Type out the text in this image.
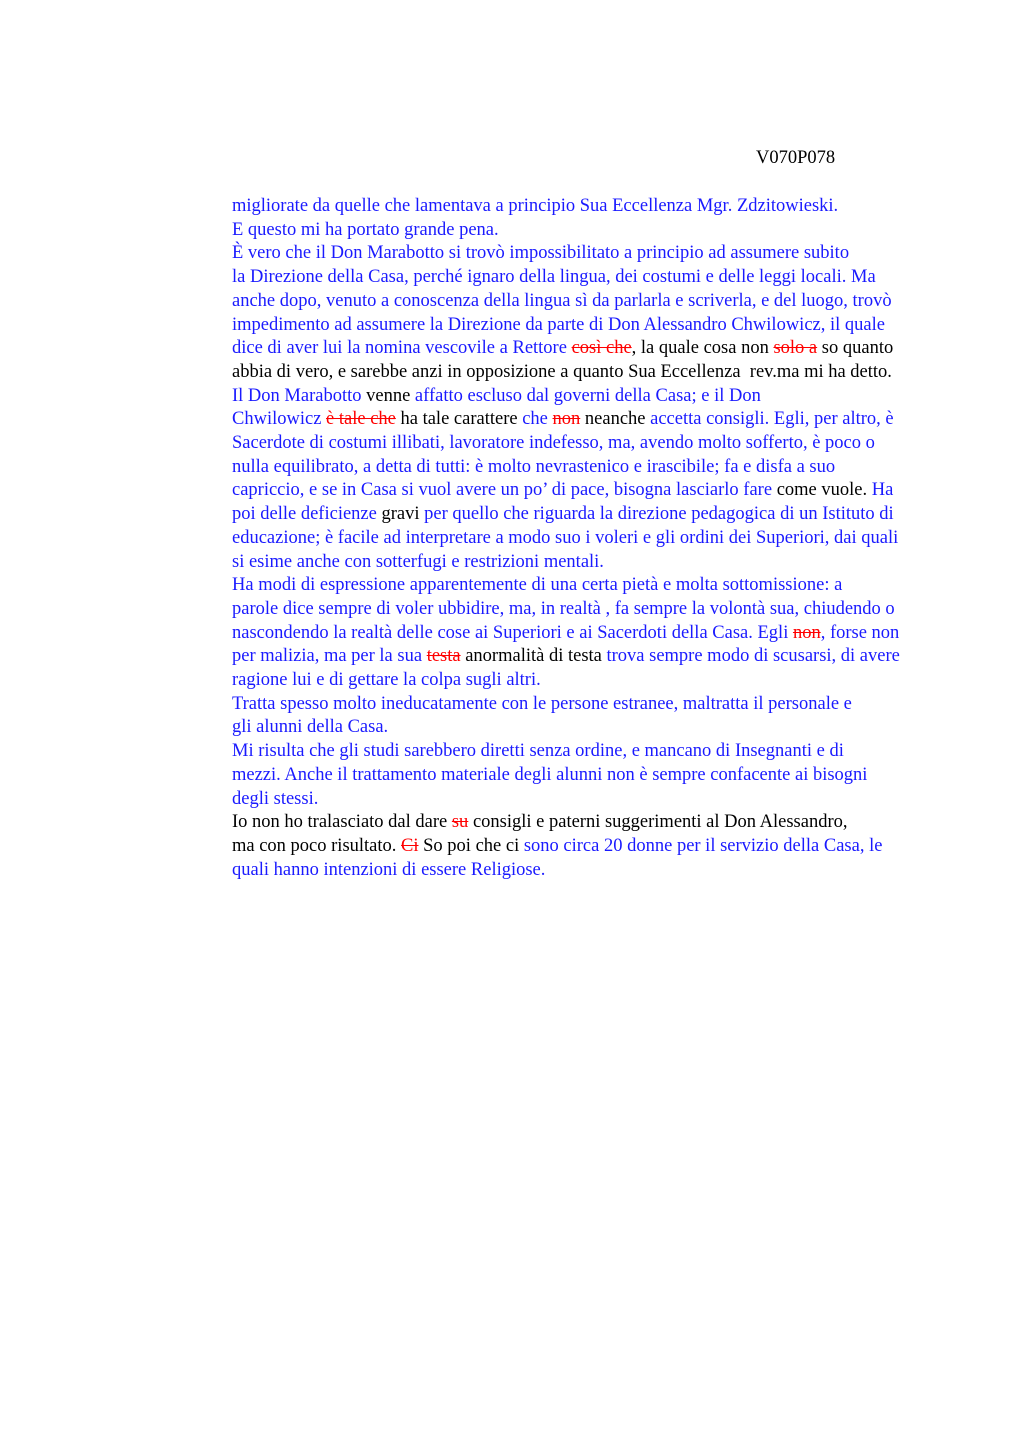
V070P078

migliorate da quelle che lamentava a principio Sua Eccellenza Mgr. Zdzitowieski.
E questo mi ha portato grande pena.

È vero che il Don Marabotto si trovò impossibilitato a principio ad assumere subito
la Direzione della Casa, perché ignaro della lingua, dei costumi e delle leggi locali. Ma
anche dopo, venuto a conoscenza della lingua sì da parlarla e scriverla, e del luogo, trovò
impedimento ad assumere la Direzione da parte di Don Alessandro Chwilowicz, il quale
dice di aver lui la nomina vescovile a Rettore così che, la quale cosa non solo a so quanto
abbia di vero, e sarebbe anzi in opposizione a quanto Sua Eccellenza  rev.ma mi ha detto.

Il Don Marabotto venne affatto escluso dal governi della Casa; e il Don
Chwilowicz è tale che ha tale carattere che non neanche accetta consigli. Egli, per altro, è
Sacerdote di costumi illibati, lavoratore indefesso, ma, avendo molto sofferto, è poco o
nulla equilibrato, a detta di tutti: è molto nevrastenico e irascibile; fa e disfa a suo
capriccio, e se in Casa si vuol avere un po’ di pace, bisogna lasciarlo fare come vuole. Ha
poi delle deficienze gravi per quello che riguarda la direzione pedagogica di un Istituto di
educazione; è facile ad interpretare a modo suo i voleri e gli ordini dei Superiori, dai quali
si esime anche con sotterfugi e restrizioni mentali.

Ha modi di espressione apparentemente di una certa pietà e molta sottomissione: a
parole dice sempre di voler ubbidire, ma, in realtà , fa sempre la volontà sua, chiudendo o
nascondendo la realtà delle cose ai Superiori e ai Sacerdoti della Casa. Egli non, forse non
per malizia, ma per la sua testa anormalità di testa trova sempre modo di scusarsi, di avere
ragione lui e di gettare la colpa sugli altri.

Tratta spesso molto ineducatamente con le persone estranee, maltratta il personale e
gli alunni della Casa.

Mi risulta che gli studi sarebbero diretti senza ordine, e mancano di Insegnanti e di
mezzi. Anche il trattamento materiale degli alunni non è sempre confacente ai bisogni
degli stessi.

Io non ho tralasciato dal dare su consigli e paterni suggerimenti al Don Alessandro,
ma con poco risultato. Ci So poi che ci sono circa 20 donne per il servizio della Casa, le
quali hanno intenzioni di essere Religiose.
